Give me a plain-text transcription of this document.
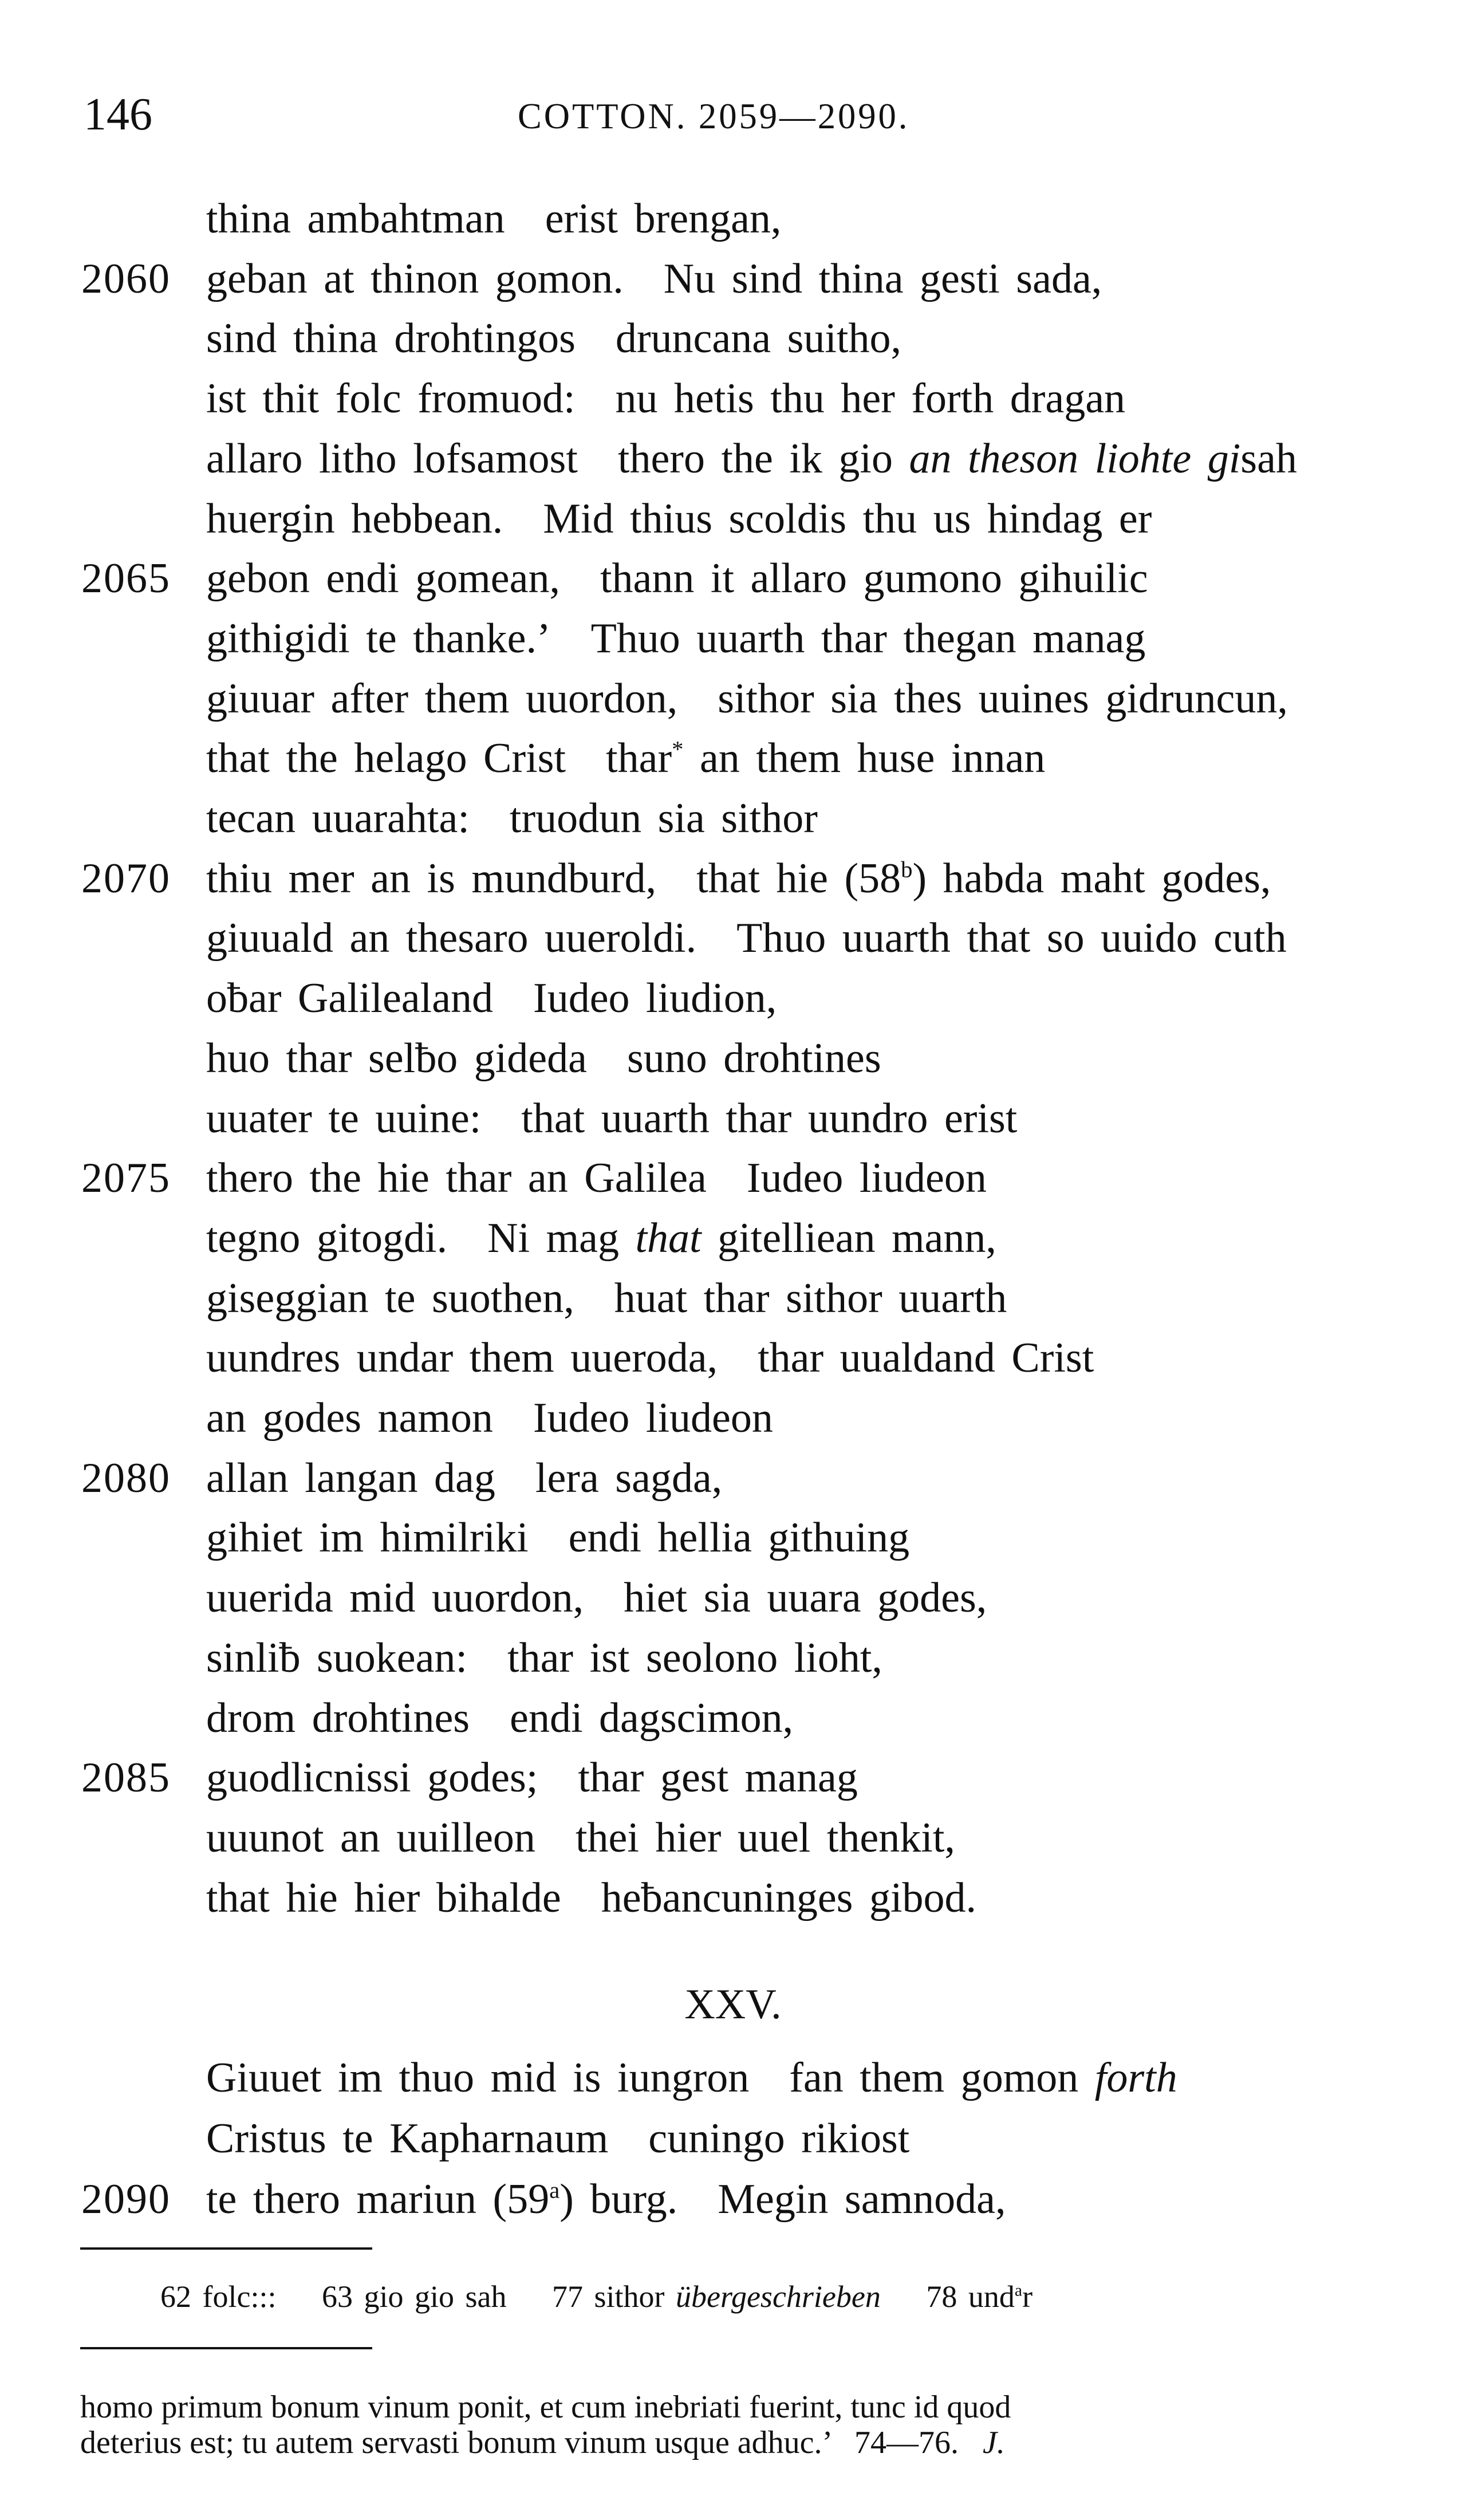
146	COTTON. 2059—2090.
thina ambahtman erist brengan,
2060 geban at thinon gomon. Nu sind thina gesti sada,
sind thina drohtingos druncana suitho,
ist thit folc fromuod: nu hetis thu her forth dragan
allaro litho lofsamost thero the ik gio an theson liohte gisah
huergin hebbean. Mid thius scoldis thu us hindag er
2065 gebon endi gomean, thann it allaro gumono gihuilic
githigidi te thanke.’ Thuo uuarth thar thegan manag
giuuar after them uuordon, sithor sia thes uuines gidruncun,
that the helago Crist thar* an them huse innan
tecan uuarahta: truodun sia sithor
2070 thiu mer an is mundburd, that hie (58$^b$) habda maht godes,
giuuald an thesaro uueroldi. Thuo uuarth that so uuido cuth
oƀar Galilealand Iudeo liudion,
huo thar selƀo gideda suno drohtines
uuater te uuine: that uuarth thar uundro erist
2075 thero the hie thar an Galilea Iudeo liudeon
tegno gitogdi. Ni mag that gitelliean mann,
giseggian te suothen, huat thar sithor uuarth
uundres undar them uueroda, thar uualdand Crist
an godes namon Iudeo liudeon
2080 allan langan dag lera sagda,
gihiet im himilriki endi hellia githuing
uuerida mid uuordon, hiet sia uuara godes,
sinliƀ suokean: thar ist seolono lioht,
drom drohtines endi dagscimon,
2085 guodlicnissi godes; thar gest manag
uuunot an uuilleon thei hier uuel thenkit,
that hie hier bihalde heƀancuninges gibod.
XXV.
Giuuet im thuo mid is iungron fan them gomon forth
Cristus te Kapharnaum cuningo rikiost
2090 te thero mariun (59$^a$) burg. Megin samnoda,
62 folc::: 63 gio gio sah 77 sithor übergeschrieben 78 und$^a$r
homo primum bonum vinum ponit, et cum inebriati fuerint, tunc id quod
deterius est; tu autem servasti bonum vinum usque adhuc.’   74—76. J.
